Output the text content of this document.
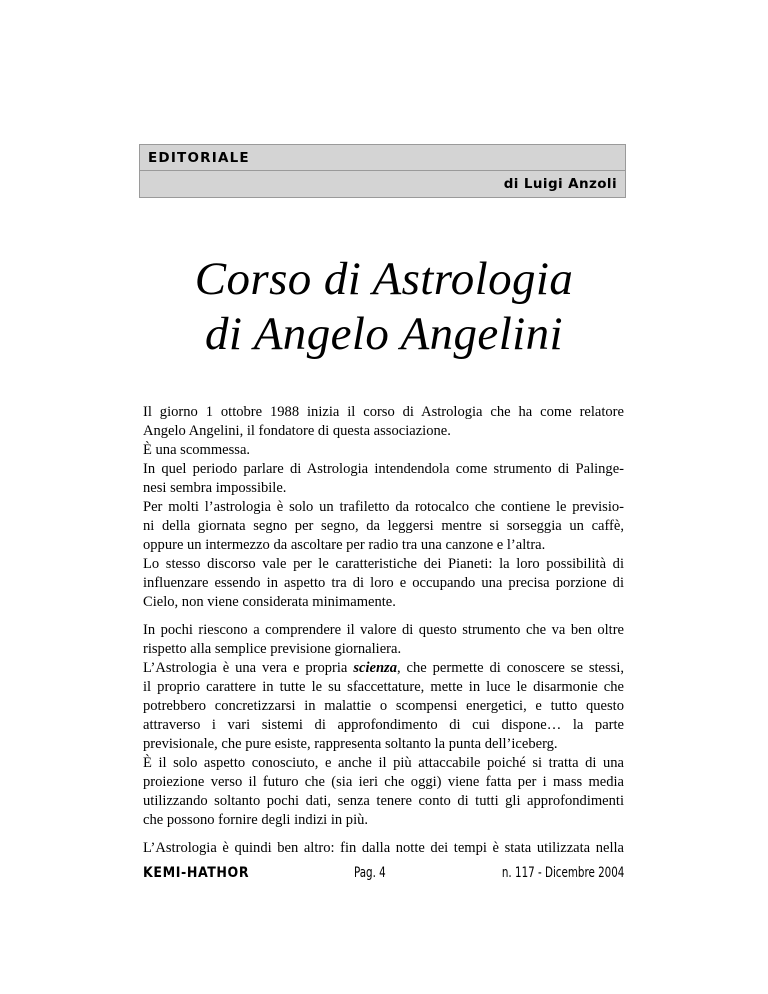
EDITORIALE
di Luigi Anzoli
Corso di Astrologia
di Angelo Angelini

Il giorno 1 ottobre 1988 inizia il corso di Astrologia che ha come relatore
Angelo Angelini, il fondatore di questa associazione.
È una scommessa.
In quel periodo parlare di Astrologia intendendola come strumento di Palinge-
nesi sembra impossibile.
Per molti l’astrologia è solo un trafiletto da rotocalco che contiene le previsio-
ni della giornata segno per segno, da leggersi mentre si sorseggia un caffè,
oppure un intermezzo da ascoltare per radio tra una canzone e l’altra.
Lo stesso discorso vale per le caratteristiche dei Pianeti: la loro possibilità di
influenzare essendo in aspetto tra di loro e occupando una precisa porzione di
Cielo, non viene considerata minimamente.

In pochi riescono a comprendere il valore di questo strumento che va ben oltre
rispetto alla semplice previsione giornaliera.
L’Astrologia è una vera e propria scienza, che permette di conoscere se stessi,
il proprio carattere in tutte le su sfaccettature, mette in luce le disarmonie che
potrebbero concretizzarsi in malattie o scompensi energetici, e tutto questo
attraverso i vari sistemi di approfondimento di cui dispone… la parte
previsionale, che pure esiste, rappresenta soltanto la punta dell’iceberg.
È il solo aspetto conosciuto, e anche il più attaccabile poiché si tratta di una
proiezione verso il futuro che (sia ieri che oggi) viene fatta per i mass media
utilizzando soltanto pochi dati, senza tenere conto di tutti gli approfondimenti
che possono fornire degli indizi in più.

L’Astrologia è quindi ben altro: fin dalla notte dei tempi è stata utilizzata nella

KEMI-HATHOR	Pag. 4	n. 117 - Dicembre 2004
